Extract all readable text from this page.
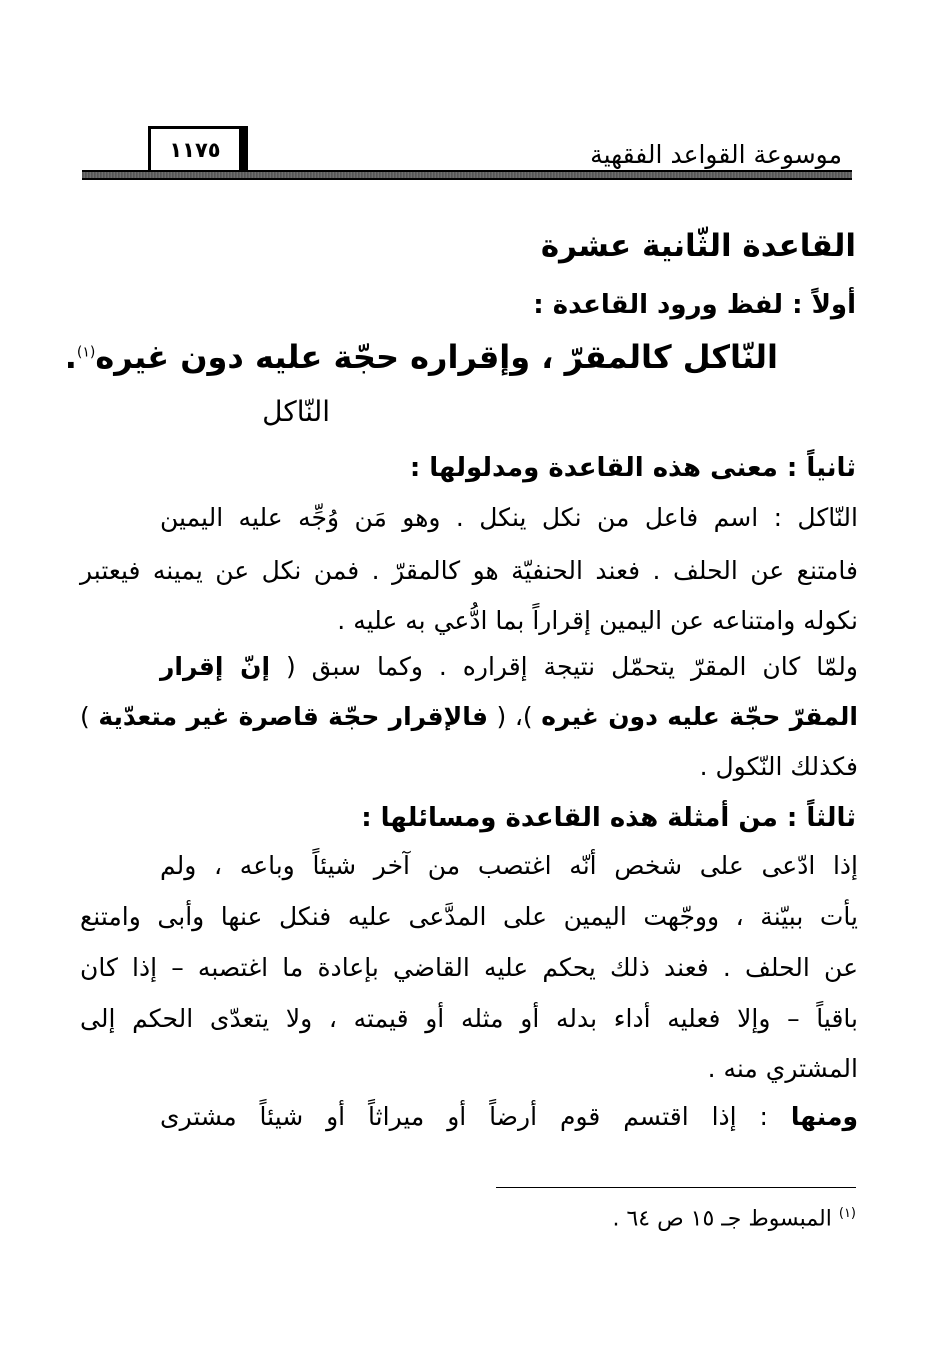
موسوعة القواعد الفقهية
١١٧٥
القاعدة الثّانية عشرة
أولاً : لفظ ورود القاعدة :
النّاكل كالمقرّ ، وإقراره حجّة عليه دون غيره$^{(١)}$.
النّاكل
ثانياً : معنى هذه القاعدة ومدلولها :
النّاكل : اسم فاعل من نكل ينكل . وهو مَن وُجِّه عليه اليمين
فامتنع عن الحلف . فعند الحنفيّة هو كالمقرّ . فمن نكل عن يمينه فيعتبر
نكوله وامتناعه عن اليمين إقراراً بما ادُّعي به عليه .
ولمّا كان المقرّ يتحمّل نتيجة إقراره . وكما سبق ( إنّ إقرار
المقرّ حجّة عليه دون غيره )، ( فالإقرار حجّة قاصرة غير متعدّية )
فكذلك النّكول .
ثالثاً : من أمثلة هذه القاعدة ومسائلها :
إذا ادّعى على شخص أنّه اغتصب من آخر شيئاً وباعه ، ولم
يأت ببيّنة ، ووجّهت اليمين على المدَّعى عليه فنكل عنها وأبى وامتنع
عن الحلف . فعند ذلك يحكم عليه القاضي بإعادة ما اغتصبه – إذا كان
باقياً – وإلا فعليه أداء بدله أو مثله أو قيمته ، ولا يتعدّى الحكم إلى
المشتري منه .
ومنها : إذا اقتسم قوم أرضاً أو ميراثاً أو شيئاً مشترى
$^{(١)}$ المبسوط جـ ١٥ ص ٦٤ .
